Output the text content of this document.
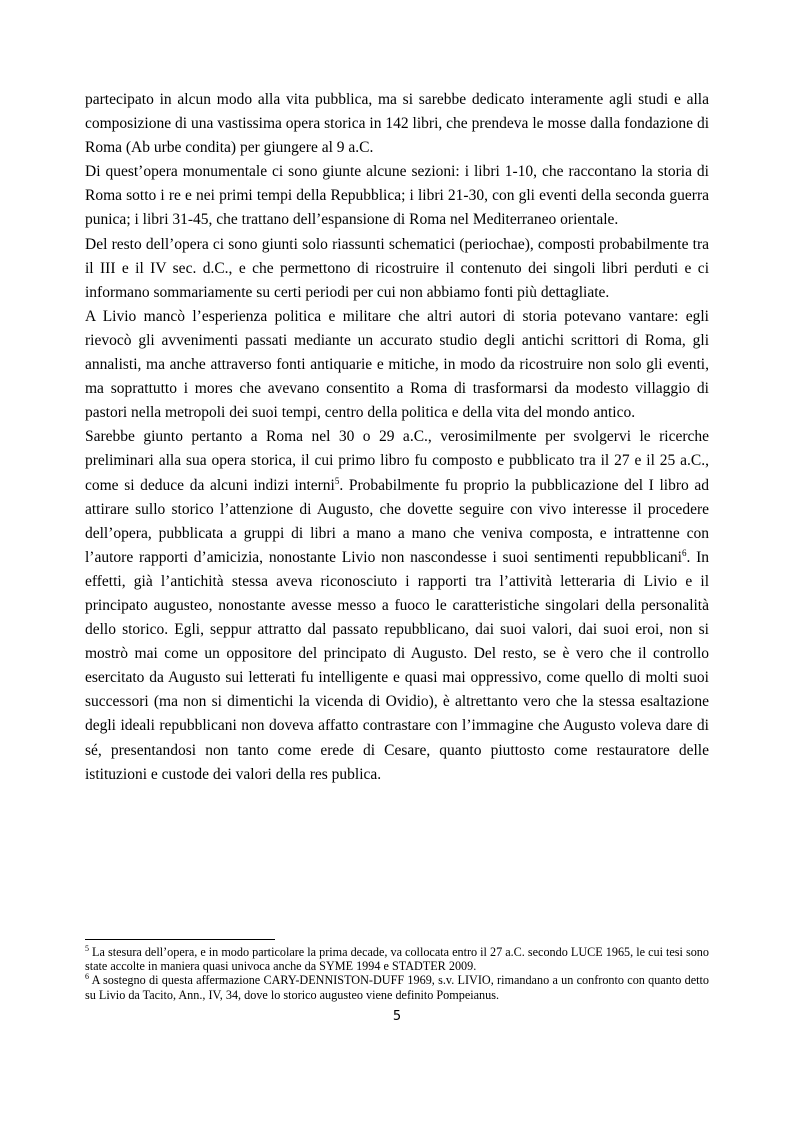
partecipato in alcun modo alla vita pubblica, ma si sarebbe dedicato interamente agli studi e alla composizione di una vastissima opera storica in 142 libri, che prendeva le mosse dalla fondazione di Roma (Ab urbe condita) per giungere al 9 a.C.

Di quest’opera monumentale ci sono giunte alcune sezioni: i libri 1-10, che raccontano la storia di Roma sotto i re e nei primi tempi della Repubblica; i libri 21-30, con gli eventi della seconda guerra punica; i libri 31-45, che trattano dell’espansione di Roma nel Mediterraneo orientale.

Del resto dell’opera ci sono giunti solo riassunti schematici (periochae), composti probabilmente tra il III e il IV sec. d.C., e che permettono di ricostruire il contenuto dei singoli libri perduti e ci informano sommariamente su certi periodi per cui non abbiamo fonti più dettagliate.

A Livio mancò l’esperienza politica e militare che altri autori di storia potevano vantare: egli rievocò gli avvenimenti passati mediante un accurato studio degli antichi scrittori di Roma, gli annalisti, ma anche attraverso fonti antiquarie e mitiche, in modo da ricostruire non solo gli eventi, ma soprattutto i mores che avevano consentito a Roma di trasformarsi da modesto villaggio di pastori nella metropoli dei suoi tempi, centro della politica e della vita del mondo antico.

Sarebbe giunto pertanto a Roma nel 30 o 29 a.C., verosimilmente per svolgervi le ricerche preliminari alla sua opera storica, il cui primo libro fu composto e pubblicato tra il 27 e il 25 a.C., come si deduce da alcuni indizi interni$^5$. Probabilmente fu proprio la pubblicazione del I libro ad attirare sullo storico l’attenzione di Augusto, che dovette seguire con vivo interesse il procedere dell’opera, pubblicata a gruppi di libri a mano a mano che veniva composta, e intrattenne con l’autore rapporti d’amicizia, nonostante Livio non nascondesse i suoi sentimenti repubblicani$^6$. In effetti, già l’antichità stessa aveva riconosciuto i rapporti tra l’attività letteraria di Livio e il principato augusteo, nonostante avesse messo a fuoco le caratteristiche singolari della personalità dello storico. Egli, seppur attratto dal passato repubblicano, dai suoi valori, dai suoi eroi, non si mostrò mai come un oppositore del principato di Augusto. Del resto, se è vero che il controllo esercitato da Augusto sui letterati fu intelligente e quasi mai oppressivo, come quello di molti suoi successori (ma non si dimentichi la vicenda di Ovidio), è altrettanto vero che la stessa esaltazione degli ideali repubblicani non doveva affatto contrastare con l’immagine che Augusto voleva dare di sé, presentandosi non tanto come erede di Cesare, quanto piuttosto come restauratore delle istituzioni e custode dei valori della res publica.

$^5$ La stesura dell’opera, e in modo particolare la prima decade, va collocata entro il 27 a.C. secondo LUCE 1965, le cui tesi sono state accolte in maniera quasi univoca anche da SYME 1994 e STADTER 2009.

$^6$ A sostegno di questa affermazione CARY-DENNISTON-DUFF 1969, s.v. LIVIO, rimandano a un confronto con quanto detto su Livio da Tacito, Ann., IV, 34, dove lo storico augusteo viene definito Pompeianus.

5
